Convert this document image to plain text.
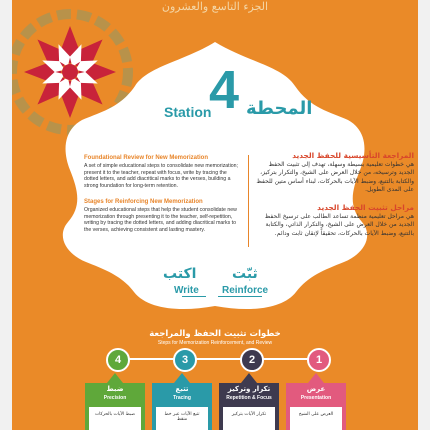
الجزء التاسع والعشرون
4
Station المحطة
Foundational Review for New Memorization
A set of simple educational steps to consolidate new memorization; present it to the teacher, repeat with focus, write by tracing the dotted letters, and add diacritical marks to the verses, building a strong foundation for long-term retention.
Stages for Reinforcing New Memorization
Organized educational steps that help the student consolidate new memorization through presenting it to the teacher, self-repetition, writing by tracing the dotted letters, and adding diacritical marks to the verses, achieving consistent and lasting mastery.
المراجعة التأسيسية للحفظ الجديد
هي خطوات تعليمية بسيطة وسهلة، تهدف إلى تثبيت الحفظ الجديد وترسيخه، من خلال العرض على الشيخ، والتكرار بتركيز، والكتابة بالتتبع، وضبط الآيات بالحركات، لبناء أساس متين للحفظ على المدى الطويل.
مراحل تثبيت الحفظ الجديد
هي مراحل تعليمية منظمة تساعد الطالب على ترسيخ الحفظ الجديد من خلال العرض على الشيخ، والتكرار الذاتي، والكتابة بالتتبع، وضبط الآيات بالحركات، تحقيقاً لإتقان ثابت ودائم.
اكتب
Write
ثبّت
Reinforce
خطوات تثبيت الحفظ والمراجعة
Steps for Memorization Reinforcement, and Review
4
ضبط
Precision
ضبط الآيات بالحركات
3
تتبع
Tracing
تتبع الآيات عبر خط منقط
2
تكرار وتركيز
Repetition & Focus
تكرار الآيات بتركيز
1
عرض
Presentation
العرض على الشيخ
